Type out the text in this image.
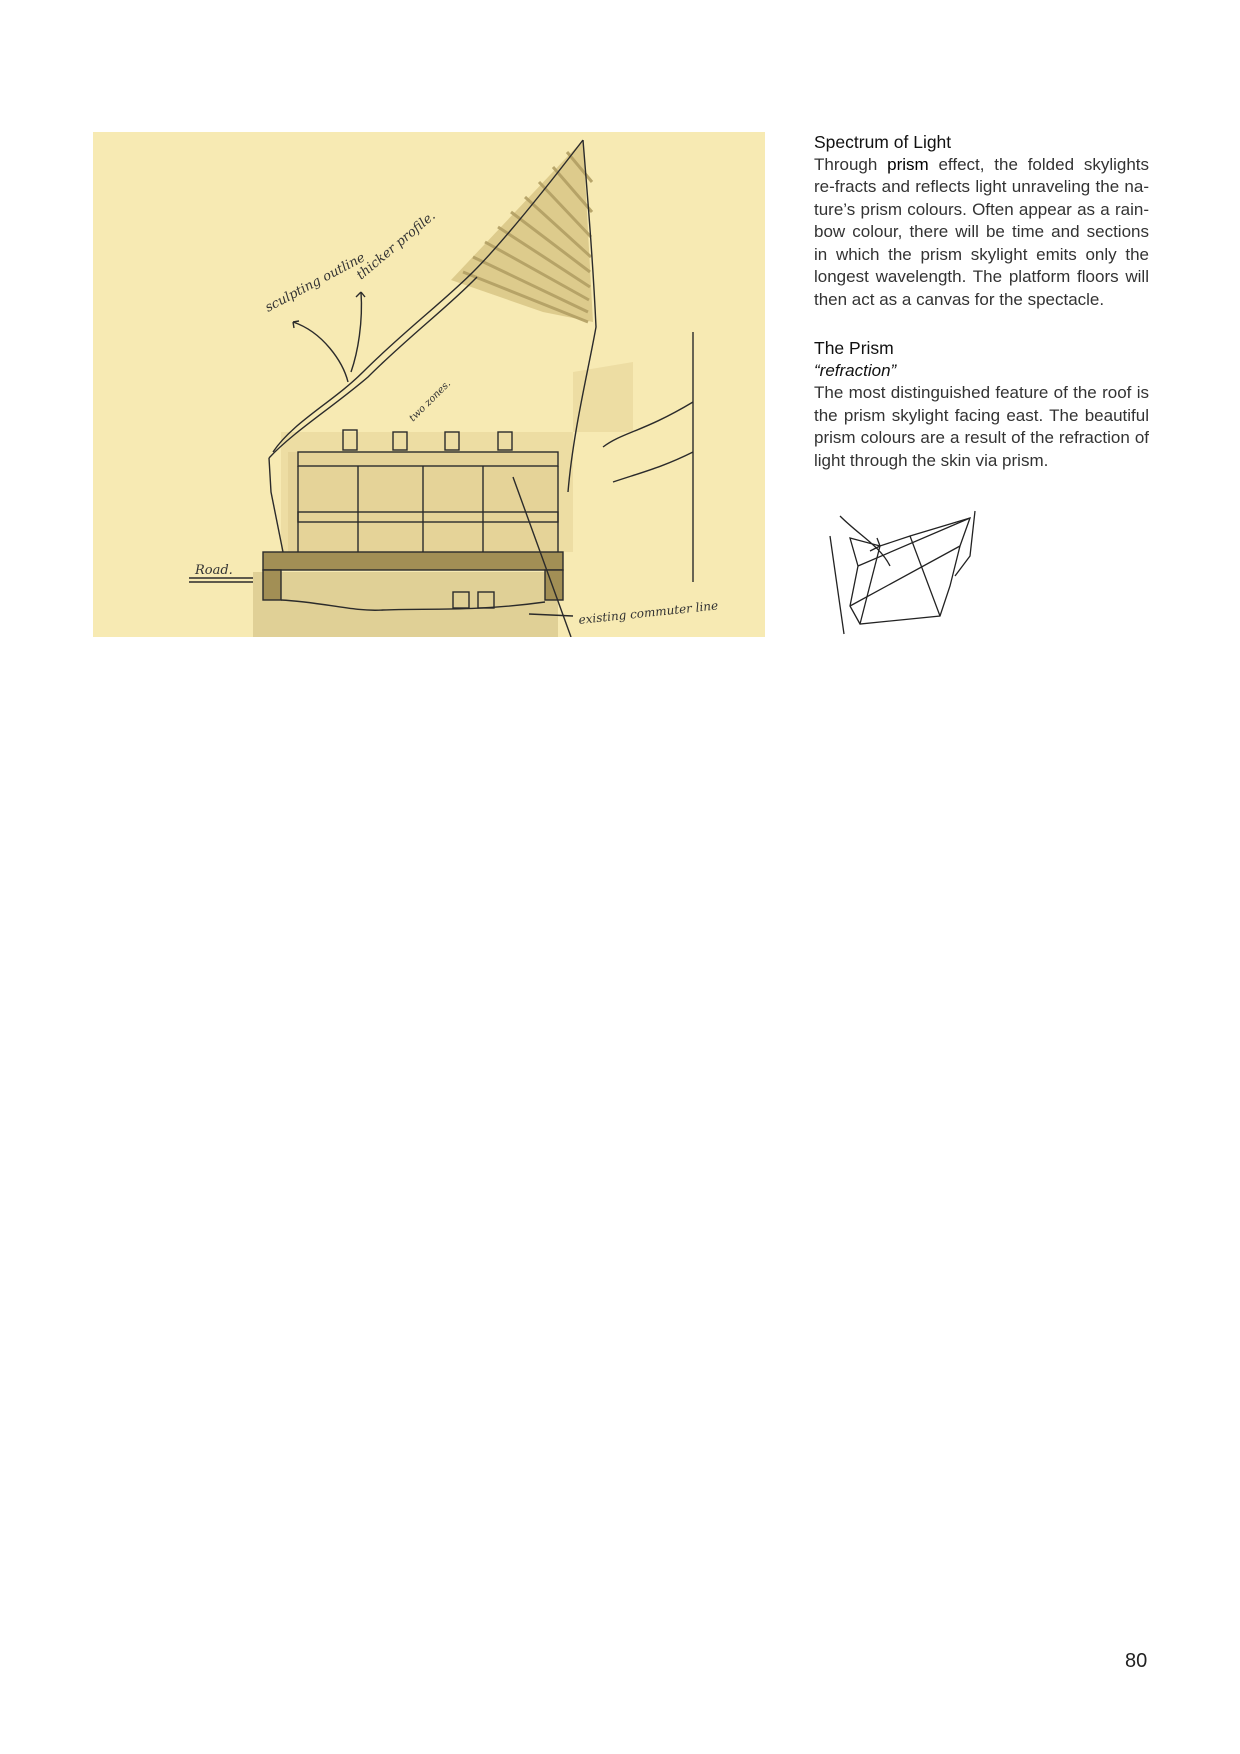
Road.
sculpting outline
thicker profile.
two zones.
existing commuter line
Spectrum of Light

Through prism effect, the folded skylights re-fracts and reflects light unraveling the na-ture’s prism colours. Often appear as a rain-bow colour, there will be time and sections in which the prism skylight emits only the longest wavelength. The platform floors will then act as a canvas for the spectacle.

The Prism
“refraction”

The most distinguished feature of the roof is the prism skylight facing east. The beautiful prism colours are a result of the refraction of light through the skin via prism.

80
